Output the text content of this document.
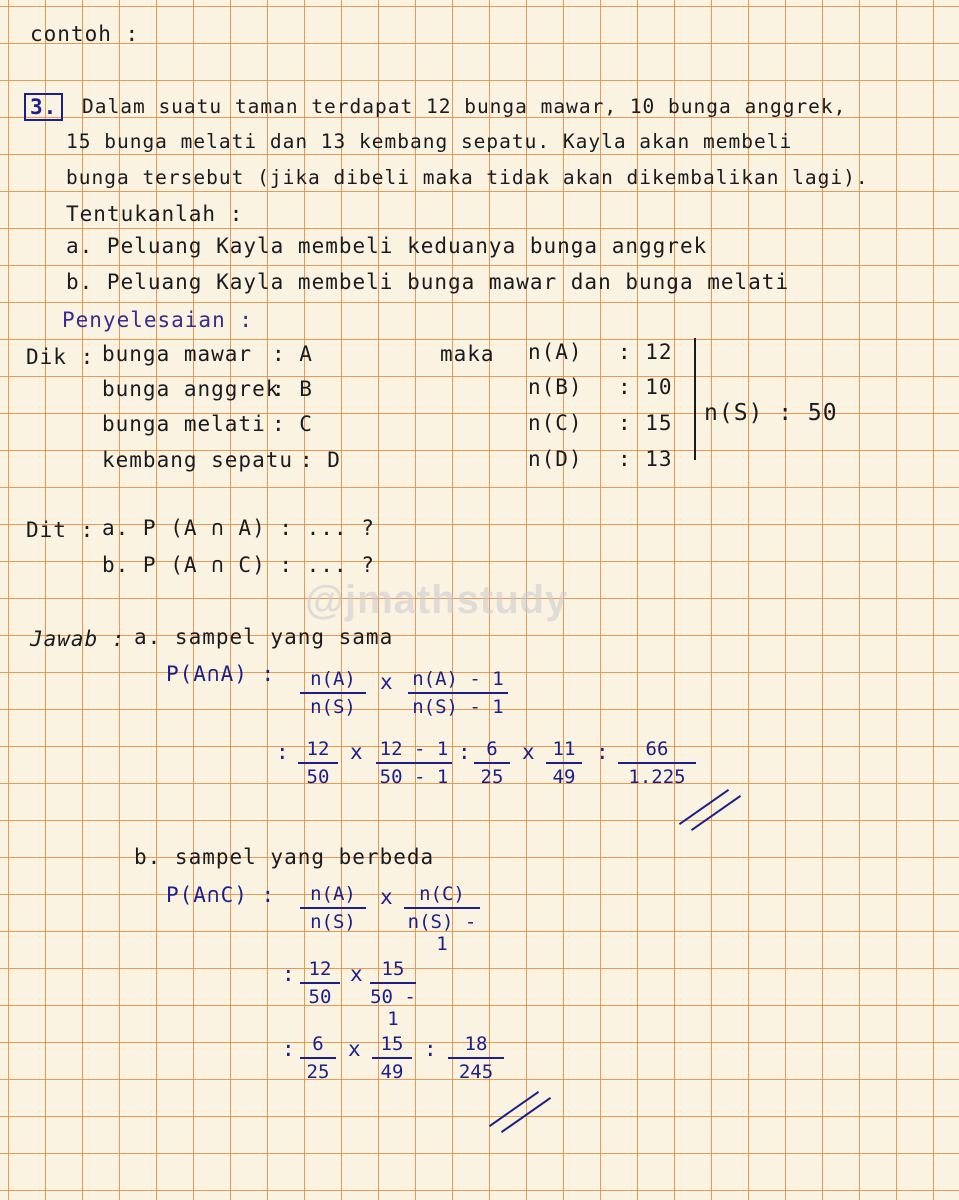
contoh :
3.	Dalam suatu taman terdapat 12 bunga mawar, 10 bunga anggrek,
15 bunga melati dan 13 kembang sepatu. Kayla akan membeli
bunga tersebut (jika dibeli maka tidak akan dikembalikan lagi).
Tentukanlah :
a. Peluang Kayla membeli keduanya bunga anggrek
b. Peluang Kayla membeli bunga mawar dan bunga melati
Penyelesaian :
Dik : bunga mawar : A
bunga anggrek
: B
bunga melati : C
kembang sepatu : D
maka n(A) : 12
n(B) : 10
n(C) : 15
n(D) : 13
n(S) : 50
Dit : a. P (A ∩ A) : ... ?
b. P (A ∩ C) : ... ?
@jmathstudy
Jawab : a. sampel yang sama
P(A∩A) : $\frac{n(A)}{n(S)}$ x $\frac{n(A) - 1}{n(S) - 1}$
: $\frac{12}{50}$ x $\frac{12 - 1}{50 - 1}$ : $\frac{6}{25}$ x $\frac{11}{49}$ : $\frac{66}{1.225}$
b. sampel yang berbeda
P(A∩C) : $\frac{n(A)}{n(S)}$ x $\frac{n(C)}{n(S) - 1}$
: $\frac{12}{50}$ x $\frac{15}{50 - 1}$
: $\frac{6}{25}$ x $\frac{15}{49}$ : $\frac{18}{245}$
